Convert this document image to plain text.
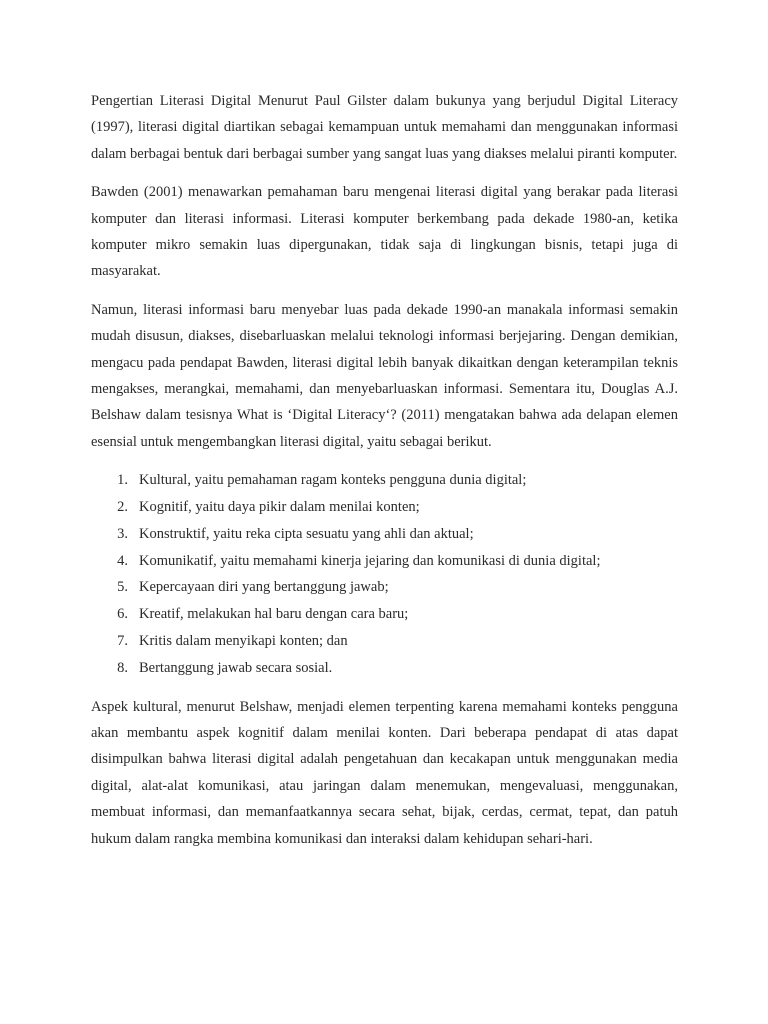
Pengertian Literasi Digital Menurut Paul Gilster dalam bukunya yang berjudul Digital Literacy (1997), literasi digital diartikan sebagai kemampuan untuk memahami dan menggunakan informasi dalam berbagai bentuk dari berbagai sumber yang sangat luas yang diakses melalui piranti komputer.

Bawden (2001) menawarkan pemahaman baru mengenai literasi digital yang berakar pada literasi komputer dan literasi informasi. Literasi komputer berkembang pada dekade 1980-an, ketika komputer mikro semakin luas dipergunakan, tidak saja di lingkungan bisnis, tetapi juga di masyarakat.

Namun, literasi informasi baru menyebar luas pada dekade 1990-an manakala informasi semakin mudah disusun, diakses, disebarluaskan melalui teknologi informasi berjejaring. Dengan demikian, mengacu pada pendapat Bawden, literasi digital lebih banyak dikaitkan dengan keterampilan teknis mengakses, merangkai, memahami, dan menyebarluaskan informasi. Sementara itu, Douglas A.J. Belshaw dalam tesisnya What is ‘Digital Literacy‘? (2011) mengatakan bahwa ada delapan elemen esensial untuk mengembangkan literasi digital, yaitu sebagai berikut.

1. Kultural, yaitu pemahaman ragam konteks pengguna dunia digital;
2. Kognitif, yaitu daya pikir dalam menilai konten;
3. Konstruktif, yaitu reka cipta sesuatu yang ahli dan aktual;
4. Komunikatif, yaitu memahami kinerja jejaring dan komunikasi di dunia digital;
5. Kepercayaan diri yang bertanggung jawab;
6. Kreatif, melakukan hal baru dengan cara baru;
7. Kritis dalam menyikapi konten; dan
8. Bertanggung jawab secara sosial.

Aspek kultural, menurut Belshaw, menjadi elemen terpenting karena memahami konteks pengguna akan membantu aspek kognitif dalam menilai konten. Dari beberapa pendapat di atas dapat disimpulkan bahwa literasi digital adalah pengetahuan dan kecakapan untuk menggunakan media digital, alat-alat komunikasi, atau jaringan dalam menemukan, mengevaluasi, menggunakan, membuat informasi, dan memanfaatkannya secara sehat, bijak, cerdas, cermat, tepat, dan patuh hukum dalam rangka membina komunikasi dan interaksi dalam kehidupan sehari-hari.
